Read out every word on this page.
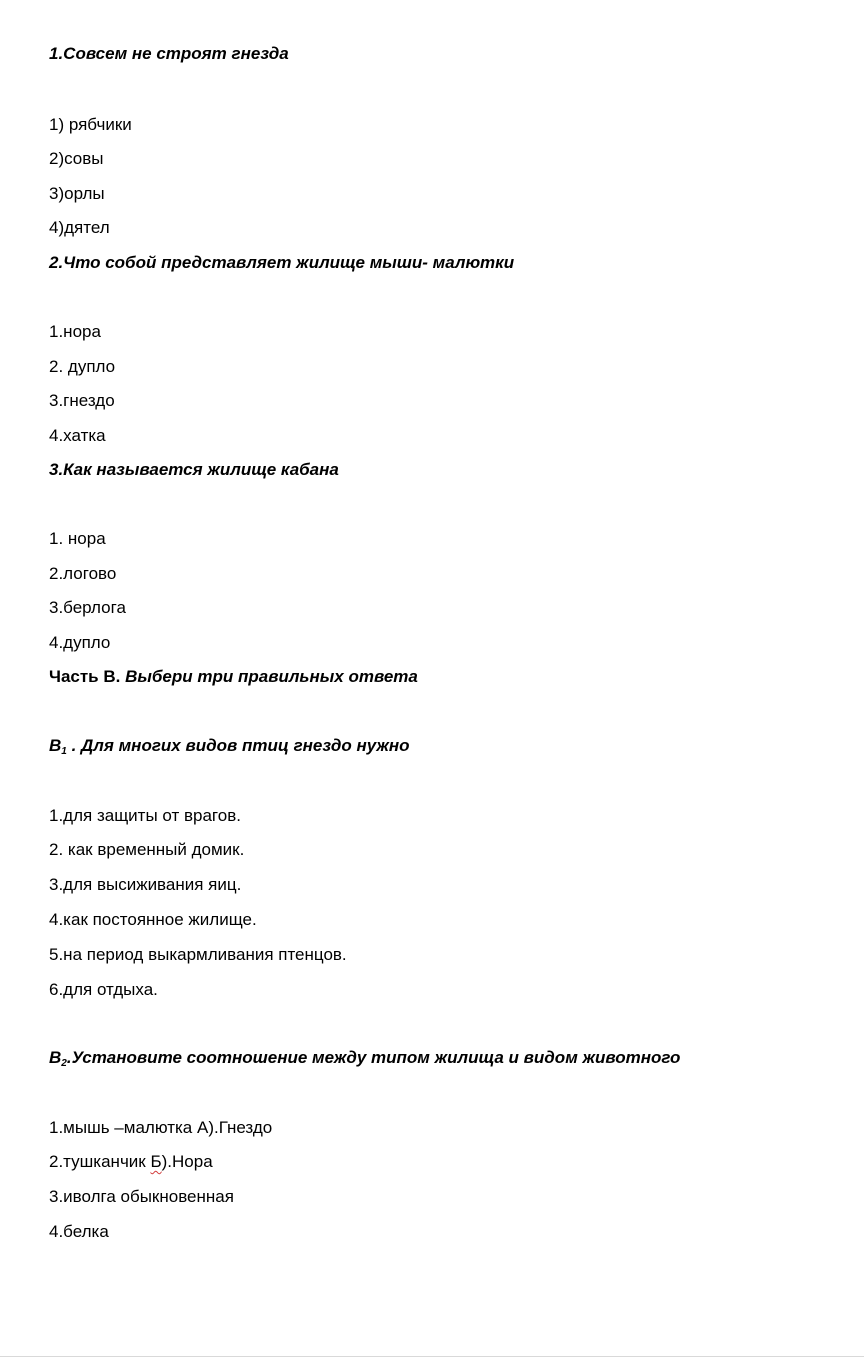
1.Совсем не строят гнезда
1) рябчики
2)совы
3)орлы
4)дятел
2.Что собой представляет жилище мыши- малютки
1.нора
2. дупло
3.гнездо
4.хатка
3.Как называется жилище кабана
1. нора
2.логово
3.берлога
4.дупло
Часть В. Выбери три правильных ответа
$В_1$ . Для многих видов птиц гнездо нужно
1.для защиты от врагов.
2. как временный домик.
3.для высиживания яиц.
4.как постоянное жилище.
5.на период выкармливания птенцов.
6.для отдыха.
$В_2.Установите$ соотношение между типом жилища и видом животного
1.мышь –малютка А).Гнездо
2.тушканчик Б).Нора
3.иволга обыкновенная
4.белка
